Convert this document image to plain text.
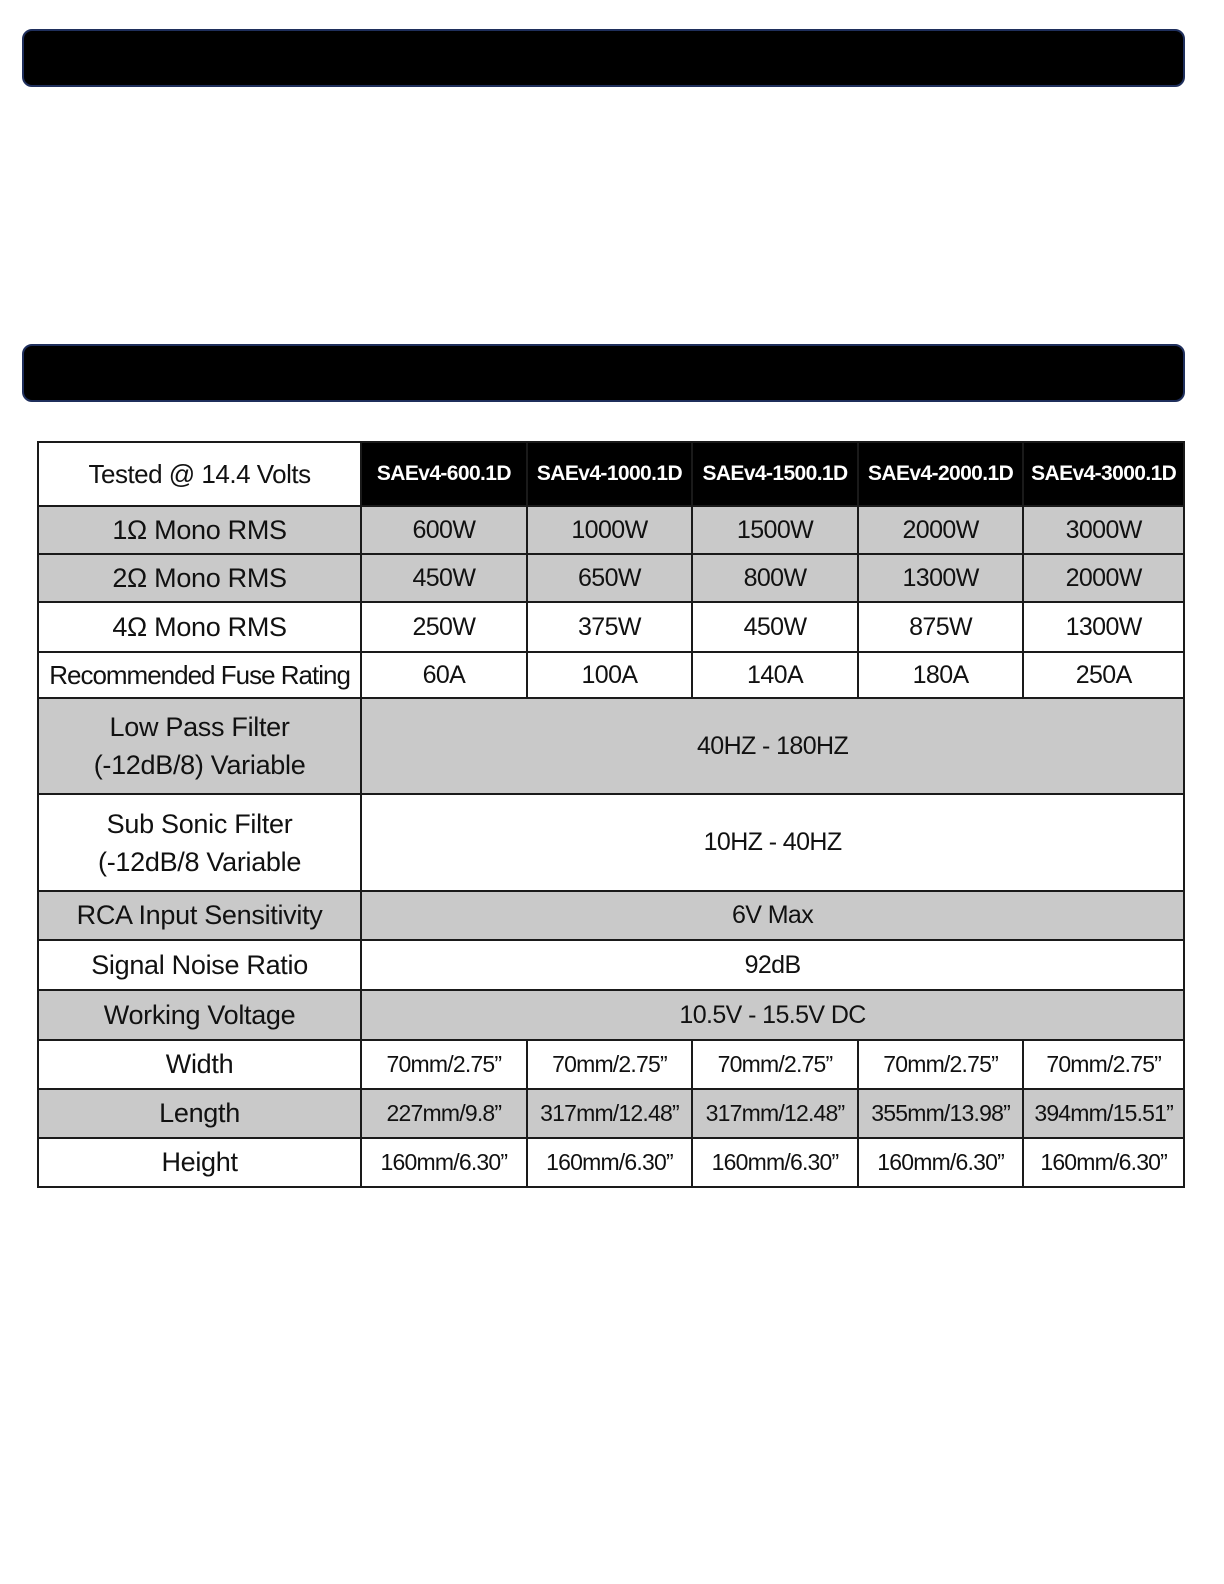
Tested @ 14.4 Volts	SAEv4-600.1D	SAEv4-1000.1D	SAEv4-1500.1D	SAEv4-2000.1D	SAEv4-3000.1D
1Ω Mono RMS	600W	1000W	1500W	2000W	3000W
2Ω Mono RMS	450W	650W	800W	1300W	2000W
4Ω Mono RMS	250W	375W	450W	875W	1300W
Recommended Fuse Rating	60A	100A	140A	180A	250A

Low Pass Filter
(-12dB/8) Variable	40HZ - 180HZ				

Sub Sonic Filter
(-12dB/8 Variable	10HZ - 40HZ				
RCA Input Sensitivity	6V Max				
Signal Noise Ratio	92dB				
Working Voltage	10.5V - 15.5V DC				
Width	70mm/2.75”	70mm/2.75”	70mm/2.75”	70mm/2.75”	70mm/2.75”
Length	227mm/9.8”	317mm/12.48”	317mm/12.48”	355mm/13.98”	394mm/15.51”
Height	160mm/6.30”	160mm/6.30”	160mm/6.30”	160mm/6.30”	160mm/6.30”
